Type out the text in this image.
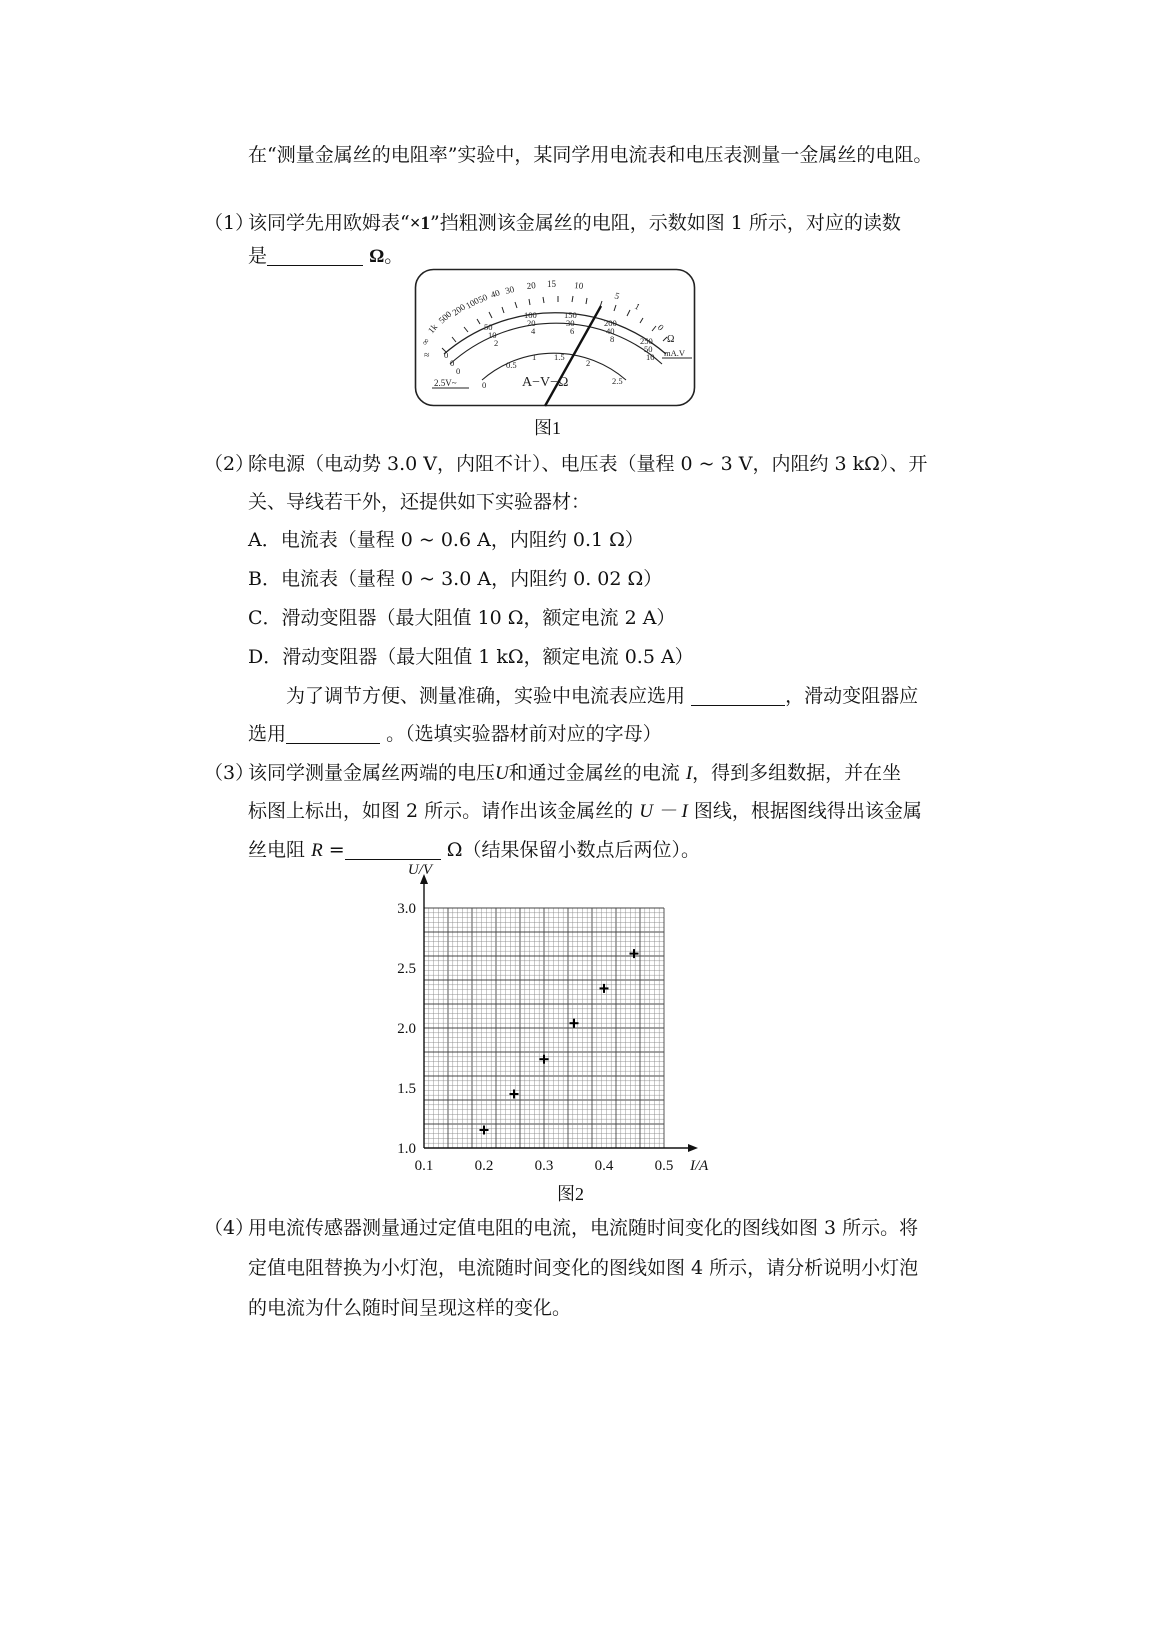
在“测量金属丝的电阻率”实验中，某同学用电流表和电压表测量一金属丝的电阻。
（1）
该同学先用欧姆表“×1”挡粗测该金属丝的电阻，示数如图 1 所示，对应的读数
是	Ω。
∞
1k
500
200
100
50 40 30 20 15 10
5
1
0
0
50
100	150
200
250
0
10
20	30
40
50
0
2
4	6
8
10
0
0.5
1 1.5
2
2.5
2.5V~
≈
Ω
mA.V
A−V−Ω
图1
（2）
除电源（电动势 3.0 V，内阻不计）、电压表（量程 0 ~ 3 V，内阻约 3 kΩ）、开
关、导线若干外，还提供如下实验器材：
A．电流表（量程 0 ~ 0.6 A，内阻约 0.1 Ω）
B．电流表（量程 0 ~ 3.0 A，内阻约 0. 02 Ω）
C．滑动变阻器（最大阻值 10 Ω，额定电流 2 A）
D．滑动变阻器（最大阻值 1 kΩ，额定电流 0.5 A）
为了调节方便、测量准确，实验中电流表应选用	，滑动变阻器应
选用	。（选填实验器材前对应的字母）
（3）
该同学测量金属丝两端的电压U和通过金属丝的电流 I，得到多组数据，并在坐
标图上标出，如图 2 所示。请作出该金属丝的 U － I 图线，根据图线得出该金属
丝电阻 R =	Ω（结果保留小数点后两位）。
0.1	0.2	0.3	0.4	0.5
1.0
1.5
2.0
2.5
3.0
I/A
U/V
图2
（4）
用电流传感器测量通过定值电阻的电流，电流随时间变化的图线如图 3 所示。将
定值电阻替换为小灯泡，电流随时间变化的图线如图 4 所示，请分析说明小灯泡
的电流为什么随时间呈现这样的变化。
